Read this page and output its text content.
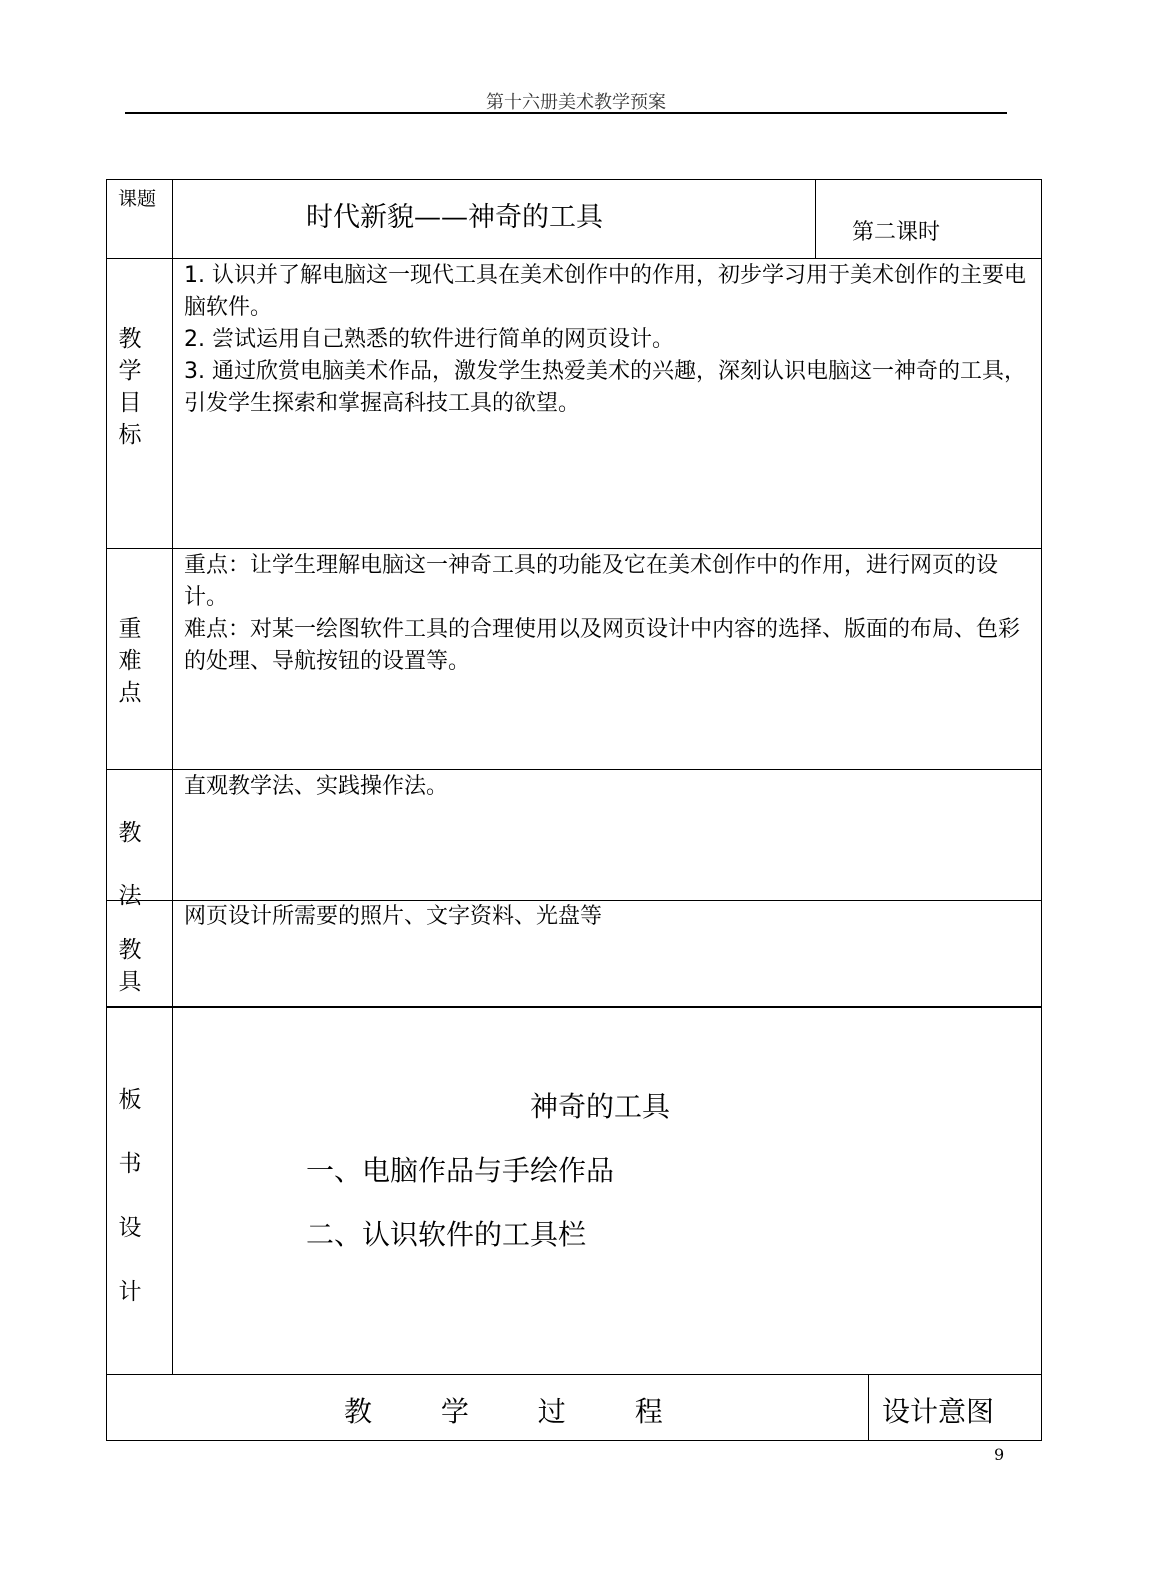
第十六册美术教学预案
课题
时代新貌——神奇的工具	第二课时
教
学
目
标

1. 认识并了解电脑这一现代工具在美术创作中的作用，初步学习用于美术创作的主要电脑软件。

2. 尝试运用自己熟悉的软件进行简单的网页设计。

3. 通过欣赏电脑美术作品，激发学生热爱美术的兴趣，深刻认识电脑这一神奇的工具，引发学生探索和掌握高科技工具的欲望。

重
难
点

重点：让学生理解电脑这一神奇工具的功能及它在美术创作中的作用，进行网页的设计。

难点：对某一绘图软件工具的合理使用以及网页设计中内容的选择、版面的布局、色彩的处理、导航按钮的设置等。

教
法
直观教学法、实践操作法。
教
具
网页设计所需要的照片、文字资料、光盘等
板
书
设
计
神奇的工具
一、电脑作品与手绘作品
二、认识软件的工具栏
教 学 过 程	设计意图
9
